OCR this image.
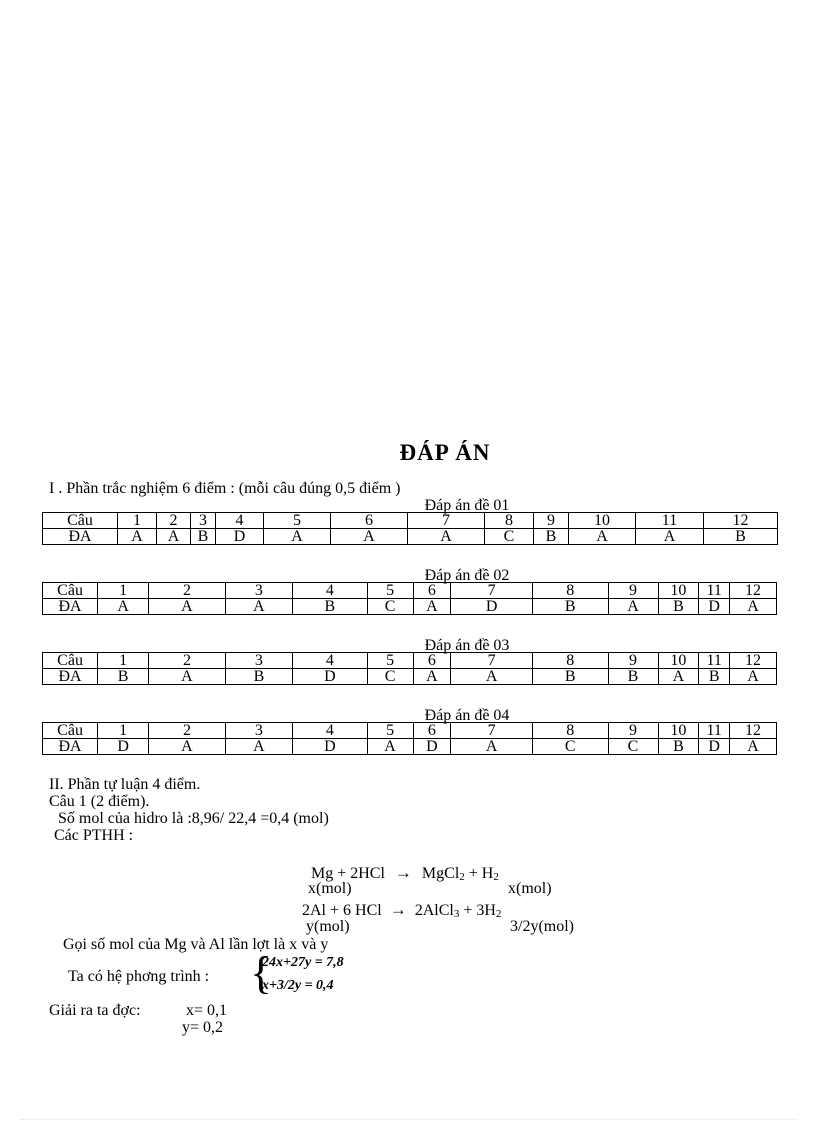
ĐÁP ÁN
I . Phần trắc nghiệm 6 điểm : (mỗi câu đúng 0,5 điểm )
Đáp án đề 01
Câu	1	2	3	4	5	6	7	8	9	10	11	12
ĐA	A	A	B	D	A	A	A	C	B	A	A	B
Đáp án đề 02
Câu	1	2	3	4	5	6	7	8	9	10	11	12
ĐA	A	A	A	B	C	A	D	B	A	B	D	A
Đáp án đề 03
Câu	1	2	3	4	5	6	7	8	9	10	11	12
ĐA	B	A	B	D	C	A	A	B	B	A	B	A
Đáp án đề 04
Câu	1	2	3	4	5	6	7	8	9	10	11	12
ĐA	D	A	A	D	A	D	A	C	C	B	D	A
II. Phần tự luận 4 điểm.
Câu 1 (2 điểm).
Số mol của hidro là :8,96/ 22,4 =0,4 (mol)
Các PTHH :
Mg + 2HCl → MgCl$_2$ + $H_2$
x(mol)	x(mol)
2Al + 6 HCl → 2AlCl$_3$ + $3H_2$
y(mol)	3/2y(mol)
Gọi số mol của Mg và Al lần lợt là x và y
Ta có hệ phơng trình : {
24x+27y = 7,8
x+3/2y = 0,4
Giải ra ta đợc:	x= 0,1
y= 0,2
